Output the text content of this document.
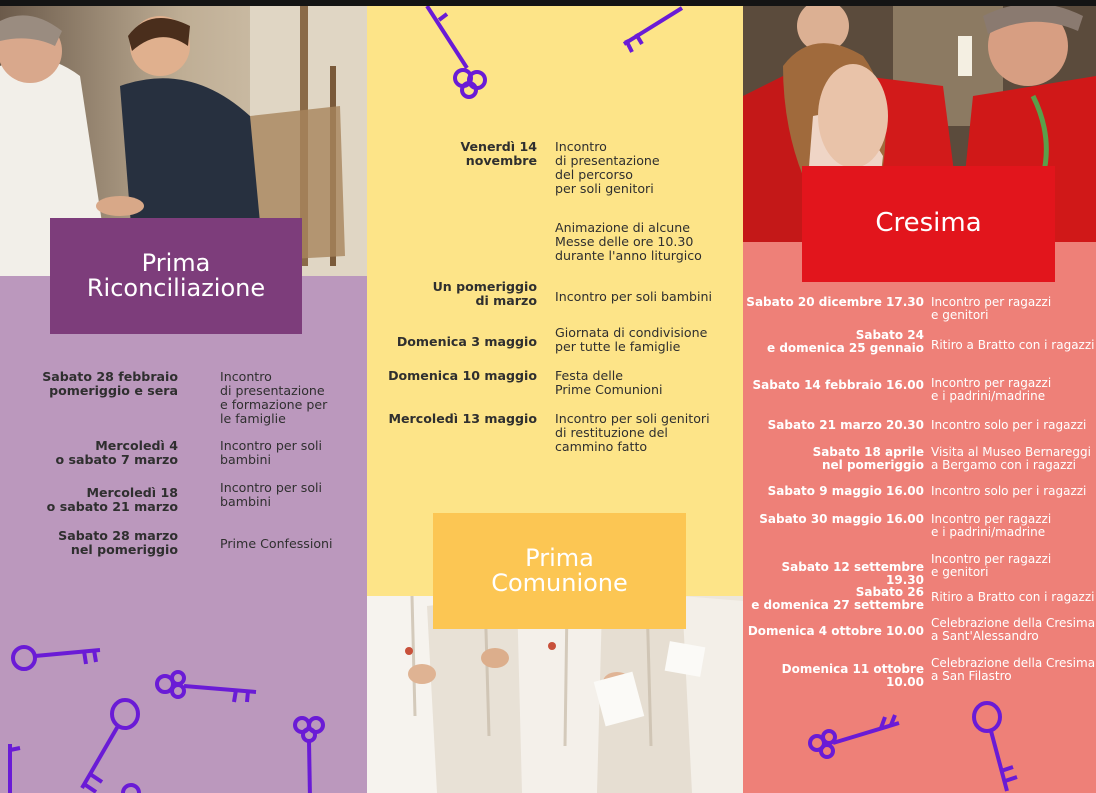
Prima
Riconciliazione
Sabato 28 febbraio
pomeriggio e sera
Incontro
di presentazione
e formazione per
le famiglie
Mercoledì 4
o sabato 7 marzo
Incontro per soli
bambini
Mercoledì 18
o sabato 21 marzo
Incontro per soli
bambini
Sabato 28 marzo
nel pomeriggio	Prime Confessioni
Venerdì 14
novembre
Incontro
di presentazione
del percorso
per soli genitori
Animazione di alcune
Messe delle ore 10.30
durante l'anno liturgico
Un pomeriggio
di marzo Incontro per soli bambini
Domenica 3 maggio
Giornata di condivisione
per tutte le famiglie
Domenica 10 maggio Festa delle
Prime Comunioni
Mercoledì 13 maggio Incontro per soli genitori
di restituzione del
cammino fatto
Prima
Comunione
Cresima
Sabato 20 dicembre 17.30 Incontro per ragazzi
e genitori
Sabato 24
e domenica 25 gennaio Ritiro a Bratto con i ragazzi
Sabato 14 febbraio 16.00 Incontro per ragazzi
e i padrini/madrine
Sabato 21 marzo 20.30 Incontro solo per i ragazzi
Sabato 18 aprile
nel pomeriggio
Visita al Museo Bernareggi
a Bergamo con i ragazzi
Sabato 9 maggio 16.00 Incontro solo per i ragazzi
Sabato 30 maggio 16.00 Incontro per ragazzi
e i padrini/madrine
Sabato 12 settembre 19.30
Incontro per ragazzi
e genitori
Sabato 26
e domenica 27 settembre
Ritiro a Bratto con i ragazzi
Domenica 4 ottobre 10.00
Celebrazione della Cresima
a Sant'Alessandro
Domenica 11 ottobre 10.00
Celebrazione della Cresima
a San Filastro
